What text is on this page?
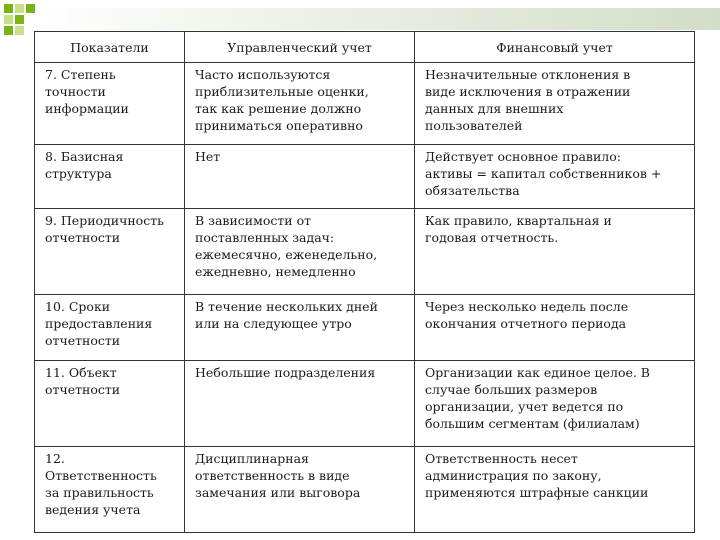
Показатели	Управленческий учет	Финансовый учет
7. Степень
точности
информации	Часто используются
приблизительные оценки,
так как решение должно
приниматься оперативно	Незначительные отклонения в
виде исключения в отражении
данных для внешних
пользователей
8. Базисная
структура	Нет	Действует основное правило:
активы = капитал собственников +
обязательства
9. Периодичность
отчетности	В зависимости от
поставленных задач:
ежемесячно, еженедельно,
ежедневно, немедленно	Как правило, квартальная и
годовая отчетность.
10. Сроки
предоставления
отчетности	В течение нескольких дней
или на следующее утро	Через несколько недель после
окончания отчетного периода
11. Объект
отчетности	Небольшие подразделения	Организации как единое целое. В
случае больших размеров
организации, учет ведется по
большим сегментам (филиалам)
12.
Ответственность
за правильность
ведения учета	Дисциплинарная
ответственность в виде
замечания или выговора	Ответственность несет
администрация по закону,
применяются штрафные санкции
